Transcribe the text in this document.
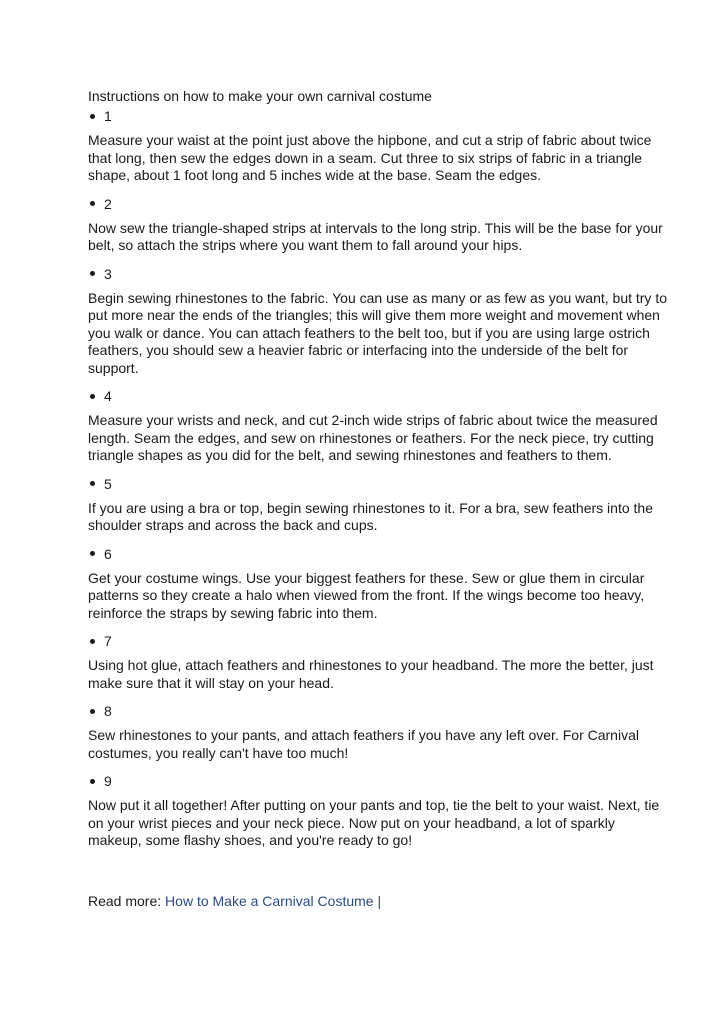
Instructions on how to make your own carnival costume

1

Measure your waist at the point just above the hipbone, and cut a strip of fabric about twice that long, then sew the edges down in a seam. Cut three to six strips of fabric in a triangle shape, about 1 foot long and 5 inches wide at the base. Seam the edges.

2

Now sew the triangle-shaped strips at intervals to the long strip. This will be the base for your belt, so attach the strips where you want them to fall around your hips.

3

Begin sewing rhinestones to the fabric. You can use as many or as few as you want, but try to put more near the ends of the triangles; this will give them more weight and movement when you walk or dance. You can attach feathers to the belt too, but if you are using large ostrich feathers, you should sew a heavier fabric or interfacing into the underside of the belt for support.

4

Measure your wrists and neck, and cut 2-inch wide strips of fabric about twice the measured length. Seam the edges, and sew on rhinestones or feathers. For the neck piece, try cutting triangle shapes as you did for the belt, and sewing rhinestones and feathers to them.

5

If you are using a bra or top, begin sewing rhinestones to it. For a bra, sew feathers into the shoulder straps and across the back and cups.

6

Get your costume wings. Use your biggest feathers for these. Sew or glue them in circular patterns so they create a halo when viewed from the front. If the wings become too heavy, reinforce the straps by sewing fabric into them.

7

Using hot glue, attach feathers and rhinestones to your headband. The more the better, just make sure that it will stay on your head.

8

Sew rhinestones to your pants, and attach feathers if you have any left over. For Carnival costumes, you really can't have too much!

9

Now put it all together! After putting on your pants and top, tie the belt to your waist. Next, tie on your wrist pieces and your neck piece. Now put on your headband, a lot of sparkly makeup, some flashy shoes, and you're ready to go!

Read more: How to Make a Carnival Costume |
